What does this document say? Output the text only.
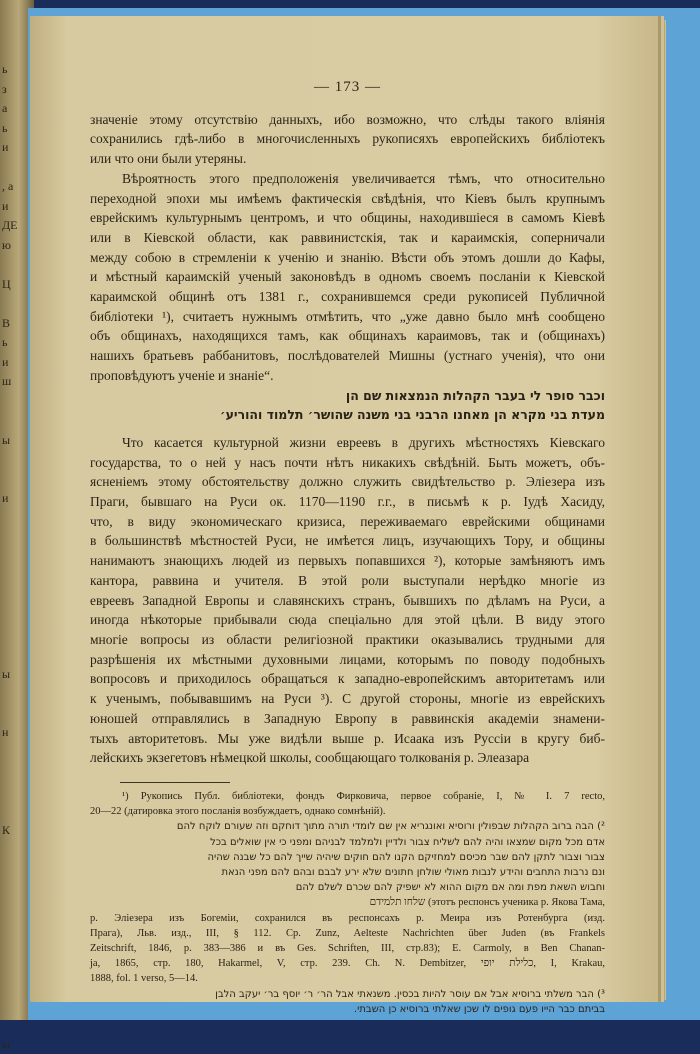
ь
з
а
ь
и
, а
и
ДЕ
ю
Ц
В
ь
и
ш
ы
и
ы
н
К
ы
— 173 —
значенiе этому отсутствiю данныхъ, ибо возможно, что слѣды такого влiянiя
сохранились гдѣ-либо в многочисленныхъ рукописяхъ европейскихъ библiотекъ
или что они были утеряны.
Вѣроятность этого предположенiя увеличивается тѣмъ, что относительно
переходной эпохи мы имѣемъ фактическiя свѣдѣнiя, что Кiевъ былъ крупнымъ
еврейскимъ культурнымъ центромъ, и что общины, находившiеся в самомъ Кiевѣ
или в Кiевской области, как раввинистскiя, так и караимскiя, соперничали
между собою в стремленiи к ученiю и знанiю. Вѣсти объ этомъ дошли до Кафы,
и мѣстный караимскiй ученый законовѣдъ в одномъ своемъ посланiи к Кiевской
караимской общинѣ отъ 1381 г., сохранившемся среди рукописей Публичной
библiотеки ¹), считаетъ нужнымъ отмѣтить, что „уже давно было мнѣ сообщено
объ общинахъ, находящихся тамъ, как общинахъ караимовъ, так и (общинахъ)
нашихъ братьевъ раббанитовъ, послѣдователей Мишны (устнаго ученiя), что они
проповѣдуютъ ученiе и знанiе“.
וכבר סופר לי בעבר הקהלות הנמצאות שם הן
מעדת בני מקרא הן מאחנו הרבני בני משנה שהושר׳ תלמוד והוריע׳
Что касается культурной жизни евреевъ в другихъ мѣстностяхъ Кiевскаго
государства, то о ней у насъ почти нѣтъ никакихъ свѣдѣнiй. Быть можетъ, объ-
ясненiемъ этому обстоятельству должно служить свидѣтельство р. Элiезера изъ
Праги, бывшаго на Руси ок. 1170—1190 г.г., в письмѣ к р. Iудѣ Хасиду,
что, в виду экономическаго кризиса, переживаемаго еврейскими общинами
в большинствѣ мѣстностей Руси, не имѣется лицъ, изучающихъ Тору, и общины
нанимаютъ знающихъ людей из первыхъ попавшихся ²), которые замѣняютъ имъ
кантора, раввина и учителя. В этой роли выступали нерѣдко многiе из
евреевъ Западной Европы и славянскихъ странъ, бывшихъ по дѣламъ на Руси, а
иногда нѣкоторые прибывали сюда спецiально для этой цѣли. В виду этого
многiе вопросы из области религiозной практики оказывались трудными для
разрѣшенiя их мѣстными духовными лицами, которымъ по поводу подобныхъ
вопросовъ и приходилось обращаться к западно-европейскимъ авторитетамъ или
к ученымъ, побывавшимъ на Руси ³). С другой стороны, многiе из еврейскихъ
юношей отправлялись в Западную Европу в раввинскiя академiи знамени-
тыхъ авторитетовъ. Мы уже видѣли выше р. Исаака изъ Руссiи в кругу биб-
лейскихъ экзегетовъ нѣмецкой школы, сообщающаго толкованiя р. Элеазара
¹) Рукопись Публ. библiотеки, фондъ Фирковича, первое собранiе, I, № I. 7 recto,
20—22 (датировка этого посланiя возбуждаетъ, однако сомнѣнiй).
²) הבה ברוב הקהלות שבפולין ורוסיא ואונגריא אין שם לומדי תורה מתוך דוחקם וזה שעורם לוקח להם
אדם מכל מקום שמצאו והיה להם לשליח צבור ולדיין ולמלמד לבניהם ומפני כי אין שואלים בכל
צבור וצבור לתקן להם שבר מכיסם למחזיקם הקנו להם חוקים שיהיה שייך להם כל שבנה שהיה
ונם נרבות התחבים והידע לנבות מאולי שולחן חתונים שלא ירע לבבם ובהם להם מפני הנאת
וחבוש השאת מפת ומה אם מקום ההוא לא ישפיק להם שכרם לשלם להם
שלחו תלמידם (этотъ респонсъ ученика р. Якова Тама,
р. Элiезера изъ Богемiи, сохранился въ респонсахъ р. Меира изъ Ротенбурга (изд.
Прага), Льв. изд., III, § 112. Ср. Zunz, Aelteste Nachrichten über Juden (въ Frankels
Zeitschrift, 1846, р. 383—386 и въ Ges. Schriften, III, стр.83); E. Carmoly, в Ben Chanan-
ja, 1865, стр. 180, Hakarmel, V, стр. 239. Ch. N. Dembitzer, כלילת יופי, I, Krakau,
1888, fol. 1 verso, 5—14.
³) הבר משלתי ברוסיא אבל אם עוסר להיות בכסין. משנאתי אבל הר׳ ר׳ יוסף בר׳ יעקב הלבן
בביתם כבר הייו פעם גופים לו שכן שאלתי ברוסיא כן השבתי.
